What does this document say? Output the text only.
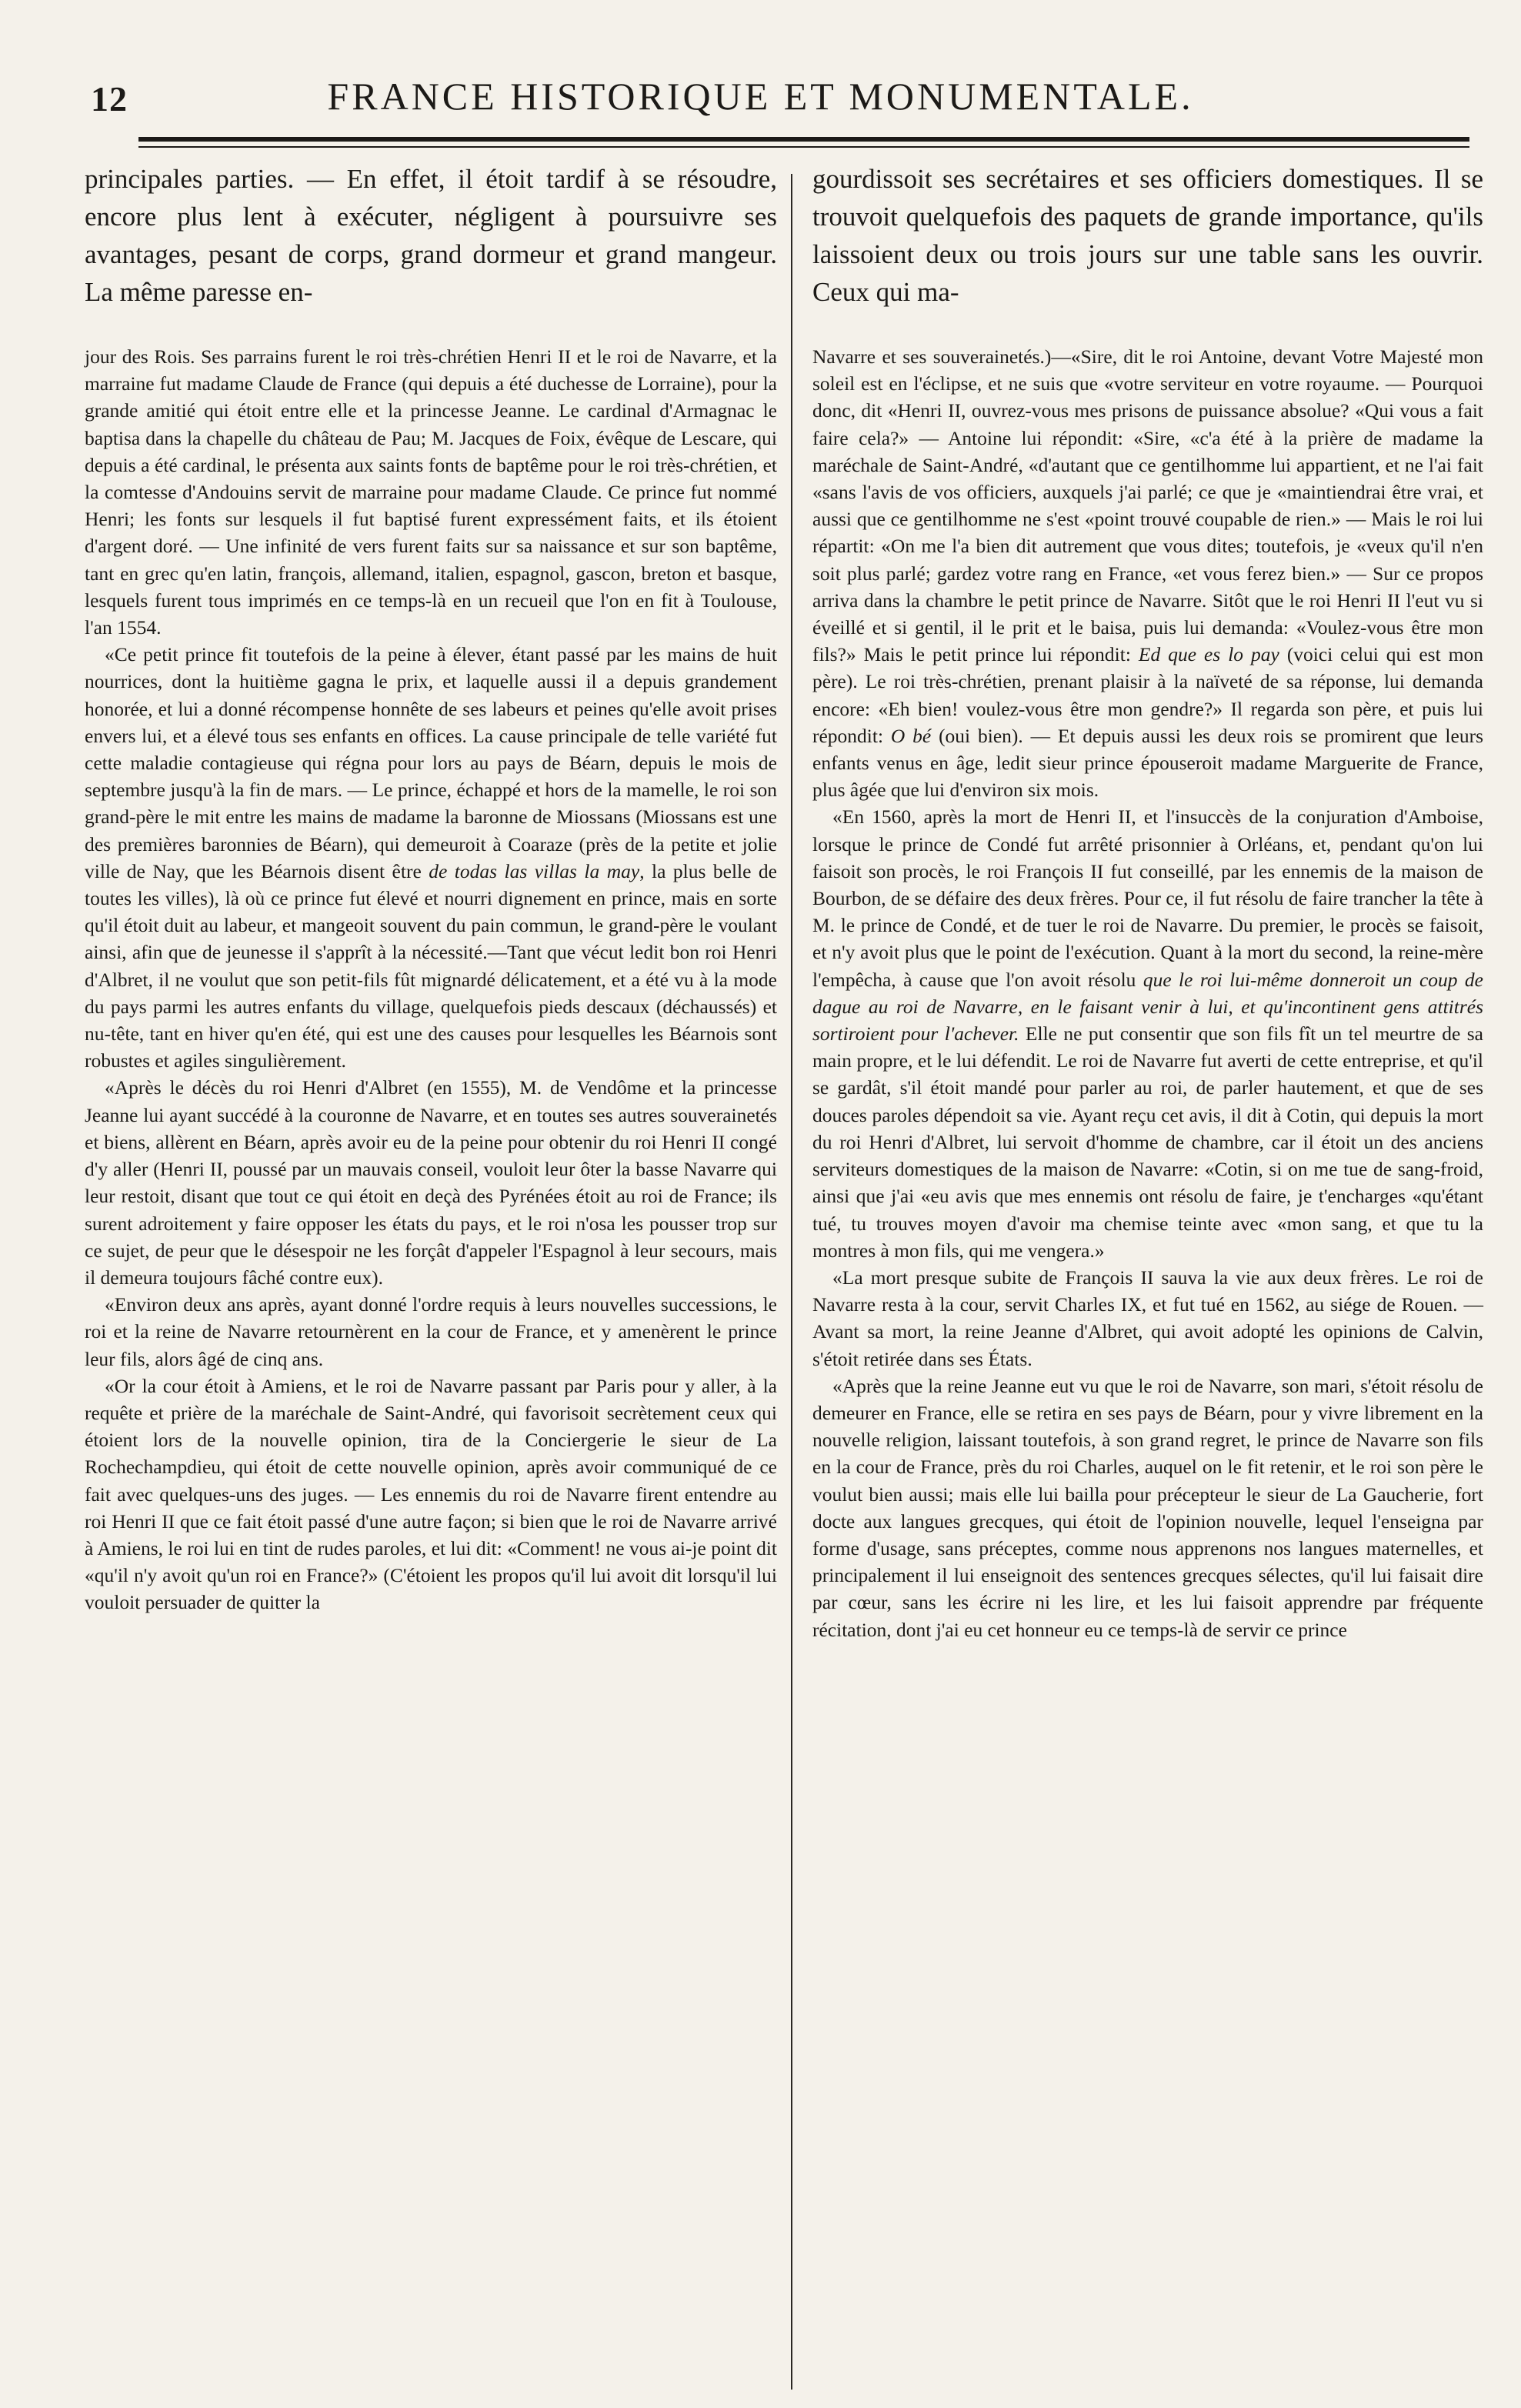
12	FRANCE HISTORIQUE ET MONUMENTALE.

principales parties. — En effet, il étoit tardif à se résoudre, encore plus lent à exécuter, négligent à poursuivre ses avantages, pesant de corps, grand dormeur et grand mangeur. La même paresse en-

jour des Rois. Ses parrains furent le roi très-chrétien Henri II et le roi de Navarre, et la marraine fut madame Claude de France (qui depuis a été duchesse de Lorraine), pour la grande amitié qui étoit entre elle et la princesse Jeanne. Le cardinal d'Armagnac le baptisa dans la chapelle du château de Pau; M. Jacques de Foix, évêque de Lescare, qui depuis a été cardinal, le présenta aux saints fonts de baptême pour le roi très-chrétien, et la comtesse d'Andouins servit de marraine pour madame Claude. Ce prince fut nommé Henri; les fonts sur lesquels il fut baptisé furent expressément faits, et ils étoient d'argent doré. — Une infinité de vers furent faits sur sa naissance et sur son baptême, tant en grec qu'en latin, françois, allemand, italien, espagnol, gascon, breton et basque, lesquels furent tous imprimés en ce temps-là en un recueil que l'on en fit à Toulouse, l'an 1554.

«Ce petit prince fit toutefois de la peine à élever, étant passé par les mains de huit nourrices, dont la huitième gagna le prix, et laquelle aussi il a depuis grandement honorée, et lui a donné récompense honnête de ses labeurs et peines qu'elle avoit prises envers lui, et a élevé tous ses enfants en offices. La cause principale de telle variété fut cette maladie contagieuse qui régna pour lors au pays de Béarn, depuis le mois de septembre jusqu'à la fin de mars. — Le prince, échappé et hors de la mamelle, le roi son grand-père le mit entre les mains de madame la baronne de Miossans (Miossans est une des premières baronnies de Béarn), qui demeuroit à Coaraze (près de la petite et jolie ville de Nay, que les Béarnois disent être de todas las villas la may, la plus belle de toutes les villes), là où ce prince fut élevé et nourri dignement en prince, mais en sorte qu'il étoit duit au labeur, et mangeoit souvent du pain commun, le grand-père le voulant ainsi, afin que de jeunesse il s'apprît à la nécessité.—Tant que vécut ledit bon roi Henri d'Albret, il ne voulut que son petit-fils fût mignardé délicatement, et a été vu à la mode du pays parmi les autres enfants du village, quelquefois pieds descaux (déchaussés) et nu-tête, tant en hiver qu'en été, qui est une des causes pour lesquelles les Béarnois sont robustes et agiles singulièrement.

«Après le décès du roi Henri d'Albret (en 1555), M. de Vendôme et la princesse Jeanne lui ayant succédé à la couronne de Navarre, et en toutes ses autres souverainetés et biens, allèrent en Béarn, après avoir eu de la peine pour obtenir du roi Henri II congé d'y aller (Henri II, poussé par un mauvais conseil, vouloit leur ôter la basse Navarre qui leur restoit, disant que tout ce qui étoit en deçà des Pyrénées étoit au roi de France; ils surent adroitement y faire opposer les états du pays, et le roi n'osa les pousser trop sur ce sujet, de peur que le désespoir ne les forçât d'appeler l'Espagnol à leur secours, mais il demeura toujours fâché contre eux).

«Environ deux ans après, ayant donné l'ordre requis à leurs nouvelles successions, le roi et la reine de Navarre retournèrent en la cour de France, et y amenèrent le prince leur fils, alors âgé de cinq ans.

«Or la cour étoit à Amiens, et le roi de Navarre passant par Paris pour y aller, à la requête et prière de la maréchale de Saint-André, qui favorisoit secrètement ceux qui étoient lors de la nouvelle opinion, tira de la Conciergerie le sieur de La Rochechampdieu, qui étoit de cette nouvelle opinion, après avoir communiqué de ce fait avec quelques-uns des juges. — Les ennemis du roi de Navarre firent entendre au roi Henri II que ce fait étoit passé d'une autre façon; si bien que le roi de Navarre arrivé à Amiens, le roi lui en tint de rudes paroles, et lui dit: «Comment! ne vous ai-je point dit «qu'il n'y avoit qu'un roi en France?» (C'étoient les propos qu'il lui avoit dit lorsqu'il lui vouloit persuader de quitter la

gourdissoit ses secrétaires et ses officiers domestiques. Il se trouvoit quelquefois des paquets de grande importance, qu'ils laissoient deux ou trois jours sur une table sans les ouvrir. Ceux qui ma-

Navarre et ses souverainetés.)—«Sire, dit le roi Antoine, devant Votre Majesté mon soleil est en l'éclipse, et ne suis que «votre serviteur en votre royaume. — Pourquoi donc, dit «Henri II, ouvrez-vous mes prisons de puissance absolue? «Qui vous a fait faire cela?» — Antoine lui répondit: «Sire, «c'a été à la prière de madame la maréchale de Saint-André, «d'autant que ce gentilhomme lui appartient, et ne l'ai fait «sans l'avis de vos officiers, auxquels j'ai parlé; ce que je «maintiendrai être vrai, et aussi que ce gentilhomme ne s'est «point trouvé coupable de rien.» — Mais le roi lui répartit: «On me l'a bien dit autrement que vous dites; toutefois, je «veux qu'il n'en soit plus parlé; gardez votre rang en France, «et vous ferez bien.» — Sur ce propos arriva dans la chambre le petit prince de Navarre. Sitôt que le roi Henri II l'eut vu si éveillé et si gentil, il le prit et le baisa, puis lui demanda: «Voulez-vous être mon fils?» Mais le petit prince lui répondit: Ed que es lo pay (voici celui qui est mon père). Le roi très-chrétien, prenant plaisir à la naïveté de sa réponse, lui demanda encore: «Eh bien! voulez-vous être mon gendre?» Il regarda son père, et puis lui répondit: O bé (oui bien). — Et depuis aussi les deux rois se promirent que leurs enfants venus en âge, ledit sieur prince épouseroit madame Marguerite de France, plus âgée que lui d'environ six mois.

«En 1560, après la mort de Henri II, et l'insuccès de la conjuration d'Amboise, lorsque le prince de Condé fut arrêté prisonnier à Orléans, et, pendant qu'on lui faisoit son procès, le roi François II fut conseillé, par les ennemis de la maison de Bourbon, de se défaire des deux frères. Pour ce, il fut résolu de faire trancher la tête à M. le prince de Condé, et de tuer le roi de Navarre. Du premier, le procès se faisoit, et n'y avoit plus que le point de l'exécution. Quant à la mort du second, la reine-mère l'empêcha, à cause que l'on avoit résolu que le roi lui-même donneroit un coup de dague au roi de Navarre, en le faisant venir à lui, et qu'incontinent gens attitrés sortiroient pour l'achever. Elle ne put consentir que son fils fît un tel meurtre de sa main propre, et le lui défendit. Le roi de Navarre fut averti de cette entreprise, et qu'il se gardât, s'il étoit mandé pour parler au roi, de parler hautement, et que de ses douces paroles dépendoit sa vie. Ayant reçu cet avis, il dit à Cotin, qui depuis la mort du roi Henri d'Albret, lui servoit d'homme de chambre, car il étoit un des anciens serviteurs domestiques de la maison de Navarre: «Cotin, si on me tue de sang-froid, ainsi que j'ai «eu avis que mes ennemis ont résolu de faire, je t'encharges «qu'étant tué, tu trouves moyen d'avoir ma chemise teinte avec «mon sang, et que tu la montres à mon fils, qui me vengera.»

«La mort presque subite de François II sauva la vie aux deux frères. Le roi de Navarre resta à la cour, servit Charles IX, et fut tué en 1562, au siége de Rouen. — Avant sa mort, la reine Jeanne d'Albret, qui avoit adopté les opinions de Calvin, s'étoit retirée dans ses États.

«Après que la reine Jeanne eut vu que le roi de Navarre, son mari, s'étoit résolu de demeurer en France, elle se retira en ses pays de Béarn, pour y vivre librement en la nouvelle religion, laissant toutefois, à son grand regret, le prince de Navarre son fils en la cour de France, près du roi Charles, auquel on le fit retenir, et le roi son père le voulut bien aussi; mais elle lui bailla pour précepteur le sieur de La Gaucherie, fort docte aux langues grecques, qui étoit de l'opinion nouvelle, lequel l'enseigna par forme d'usage, sans préceptes, comme nous apprenons nos langues maternelles, et principalement il lui enseignoit des sentences grecques sélectes, qu'il lui faisait dire par cœur, sans les écrire ni les lire, et les lui faisoit apprendre par fréquente récitation, dont j'ai eu cet honneur eu ce temps-là de servir ce prince
